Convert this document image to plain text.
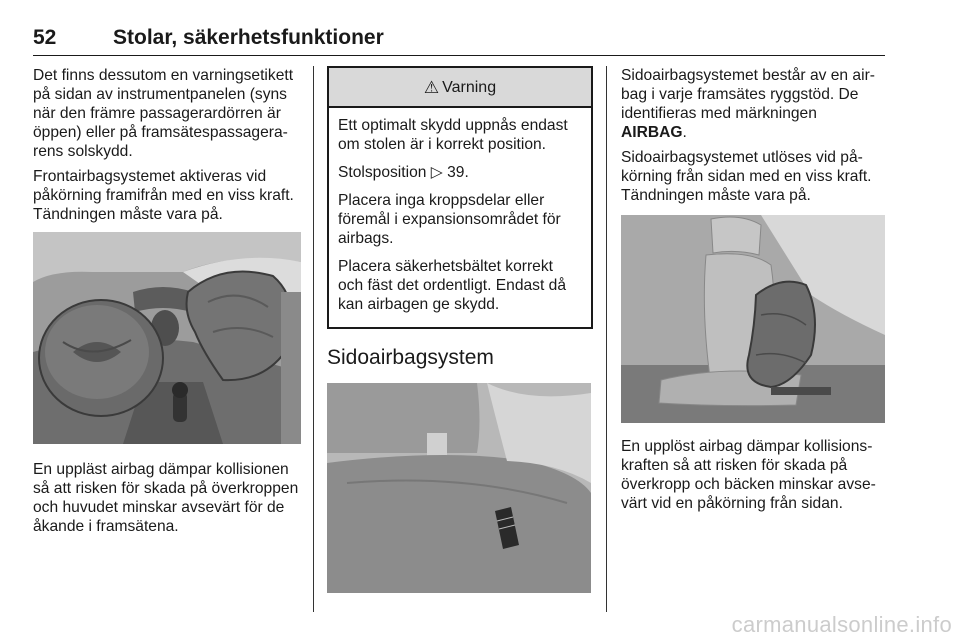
52	Stolar, säkerhetsfunktioner

Det finns dessutom en varningsetikett på sidan av instrumentpanelen (syns när den främre passagerardörren är öppen) eller på framsätespassagerarens solskydd.

Frontairbagsystemet aktiveras vid påkörning framifrån med en viss kraft. Tändningen måste vara på.

En uppläst airbag dämpar kollisionen så att risken för skada på överkroppen och huvudet minskar avsevärt för de åkande i framsätena.

⚠ Varning

Ett optimalt skydd uppnås endast om stolen är i korrekt position.

Stolsposition ▷ 39.

Placera inga kroppsdelar eller föremål i expansionsområdet för airbags.

Placera säkerhetsbältet korrekt och fäst det ordentligt. Endast då kan airbagen ge skydd.

Sidoairbagsystem

Sidoairbagsystemet består av en airbag i varje framsätes ryggstöd. De identifieras med märkningen AIRBAG.

Sidoairbagsystemet utlöses vid påkörning från sidan med en viss kraft. Tändningen måste vara på.

En upplöst airbag dämpar kollisionskraften så att risken för skada på överkropp och bäcken minskar avsevärt vid en påkörning från sidan.

carmanualsonline.info
